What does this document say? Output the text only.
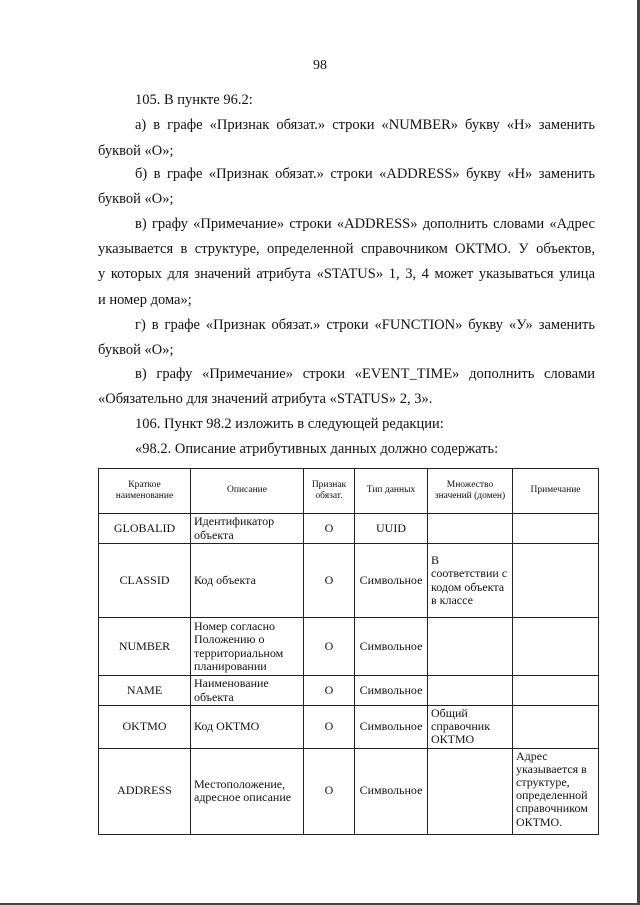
98
105. В пункте 96.2:
а) в графе «Признак обязат.» строки «NUMBER» букву «Н» заменить
буквой «О»;
б) в графе «Признак обязат.» строки «ADDRESS» букву «Н» заменить
буквой «О»;
в) графу «Примечание» строки «ADDRESS» дополнить словами «Адрес
указывается в структуре, определенной справочником ОКТМО. У объектов,
у которых для значений атрибута «STATUS» 1, 3, 4 может указываться улица
и номер дома»;
г) в графе «Признак обязат.» строки «FUNCTION» букву «У» заменить
буквой «О»;
в) графу «Примечание» строки «EVENT_TIME» дополнить словами
«Обязательно для значений атрибута «STATUS» 2, 3».
106. Пункт 98.2 изложить в следующей редакции:
«98.2. Описание атрибутивных данных должно содержать:
Краткое наименование	Описание	Признак обязат.	Тип данных	Множество значений (домен)	Примечание
GLOBALID	Идентификатор объекта	О	UUID		
CLASSID	Код объекта	О	Символьное	В соответствии с кодом объекта в классе	
NUMBER	Номер согласно Положению о территориальном планировании	О	Символьное		
NAME	Наименование объекта	О	Символьное		
OKTMO	Код ОКТМО	О	Символьное	Общий справочник ОКТМО	
ADDRESS	Местоположение, адресное описание	О	Символьное		Адрес указывается в структуре, определенной справочником ОКТМО.
